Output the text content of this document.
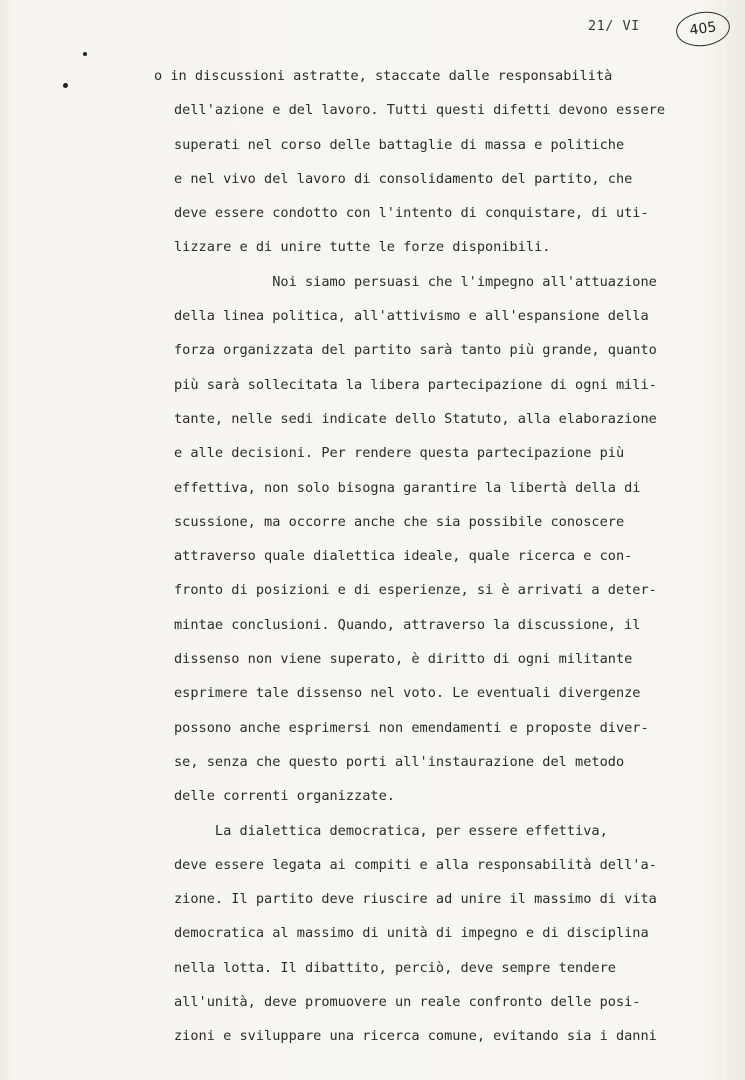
21/ VI	405
o in discussioni astratte, staccate dalle responsabilità
dell'azione e del lavoro. Tutti questi difetti devono essere
superati nel corso delle battaglie di massa e politiche
e nel vivo del lavoro di consolidamento del partito, che
deve essere condotto con l'intento di conquistare, di uti-
lizzare e di unire tutte le forze disponibili.
Noi siamo persuasi che l'impegno all'attuazione
della linea politica, all'attivismo e all'espansione della
forza organizzata del partito sarà tanto più grande, quanto
più sarà sollecitata la libera partecipazione di ogni mili-
tante, nelle sedi indicate dello Statuto, alla elaborazione
e alle decisioni. Per rendere questa partecipazione più
effettiva, non solo bisogna garantire la libertà della di
scussione, ma occorre anche che sia possibile conoscere
attraverso quale dialettica ideale, quale ricerca e con-
fronto di posizioni e di esperienze, si è arrivati a deter-
mintae conclusioni. Quando, attraverso la discussione, il
dissenso non viene superato, è diritto di ogni militante
esprimere tale dissenso nel voto. Le eventuali divergenze
possono anche esprimersi non emendamenti e proposte diver-
se, senza che questo porti all'instaurazione del metodo
delle correnti organizzate.
La dialettica democratica, per essere effettiva,
deve essere legata ai compiti e alla responsabilità dell'a-
zione. Il partito deve riuscire ad unire il massimo di vita
democratica al massimo di unità di impegno e di disciplina
nella lotta. Il dibattito, perciò, deve sempre tendere
all'unità, deve promuovere un reale confronto delle posi-
zioni e sviluppare una ricerca comune, evitando sia i danni
